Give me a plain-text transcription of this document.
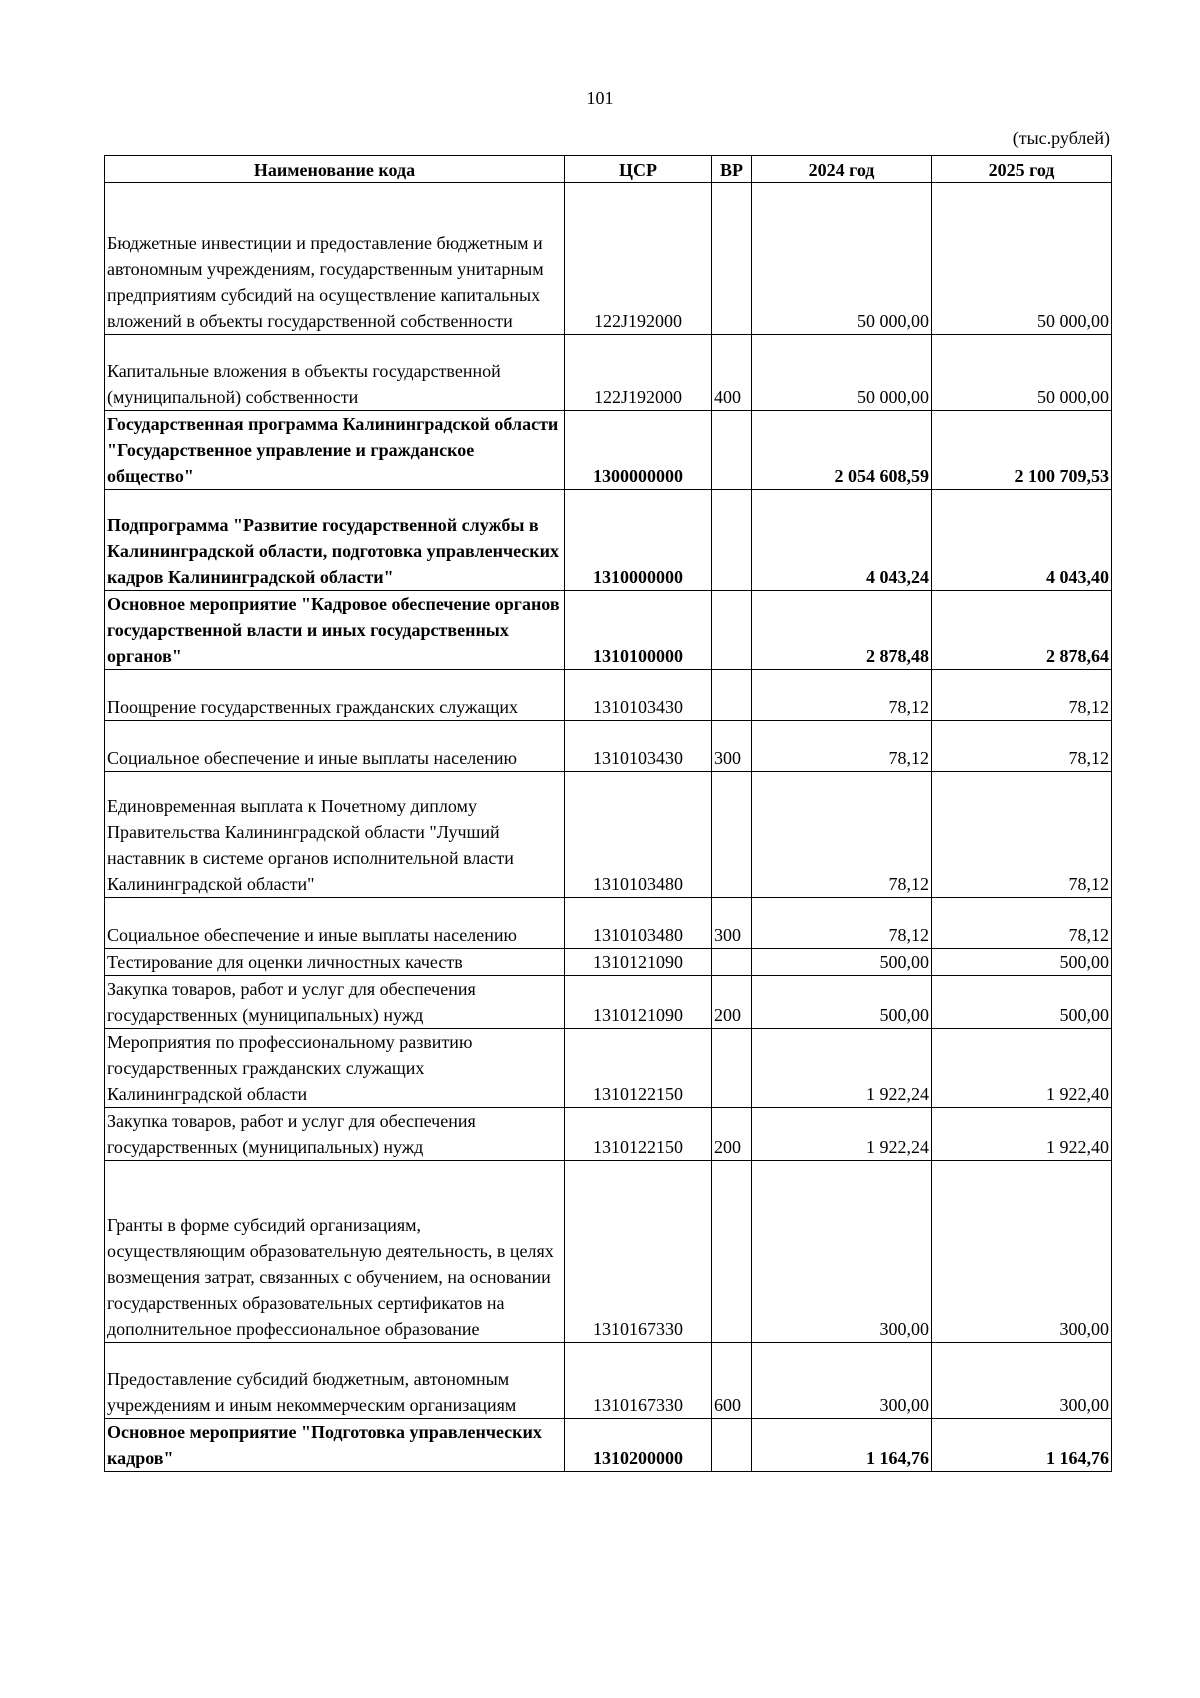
101
(тыс.рублей)
Наименование кода	ЦСР	ВР	2024 год	2025 год
Бюджетные инвестиции и предоставление бюджетным и автономным учреждениям, государственным унитарным предприятиям субсидий на осуществление капитальных вложений в объекты государственной собственности	122J192000		50 000,00	50 000,00
Капитальные вложения в объекты государственной (муниципальной) собственности	122J192000	400	50 000,00	50 000,00
Государственная программа Калининградской области "Государственное управление и гражданское общество"	1300000000		2 054 608,59	2 100 709,53
Подпрограмма "Развитие государственной службы в Калининградской области, подготовка управленческих кадров Калининградской области"	1310000000		4 043,24	4 043,40
Основное мероприятие "Кадровое обеспечение органов государственной власти и иных государственных органов"	1310100000		2 878,48	2 878,64
Поощрение государственных гражданских служащих	1310103430		78,12	78,12
Социальное обеспечение и иные выплаты населению	1310103430	300	78,12	78,12
Единовременная выплата к Почетному диплому Правительства Калининградской области "Лучший наставник в системе органов исполнительной власти Калининградской области"	1310103480		78,12	78,12
Социальное обеспечение и иные выплаты населению	1310103480	300	78,12	78,12
Тестирование для оценки личностных качеств	1310121090		500,00	500,00
Закупка товаров, работ и услуг для обеспечения государственных (муниципальных) нужд	1310121090	200	500,00	500,00
Мероприятия по профессиональному развитию государственных гражданских служащих Калининградской области	1310122150		1 922,24	1 922,40
Закупка товаров, работ и услуг для обеспечения государственных (муниципальных) нужд	1310122150	200	1 922,24	1 922,40
Гранты в форме субсидий организациям, осуществляющим образовательную деятельность, в целях возмещения затрат, связанных с обучением, на основании государственных образовательных сертификатов на дополнительное профессиональное образование	1310167330		300,00	300,00
Предоставление субсидий бюджетным, автономным учреждениям и иным некоммерческим организациям	1310167330	600	300,00	300,00
Основное мероприятие "Подготовка управленческих кадров"	1310200000		1 164,76	1 164,76
